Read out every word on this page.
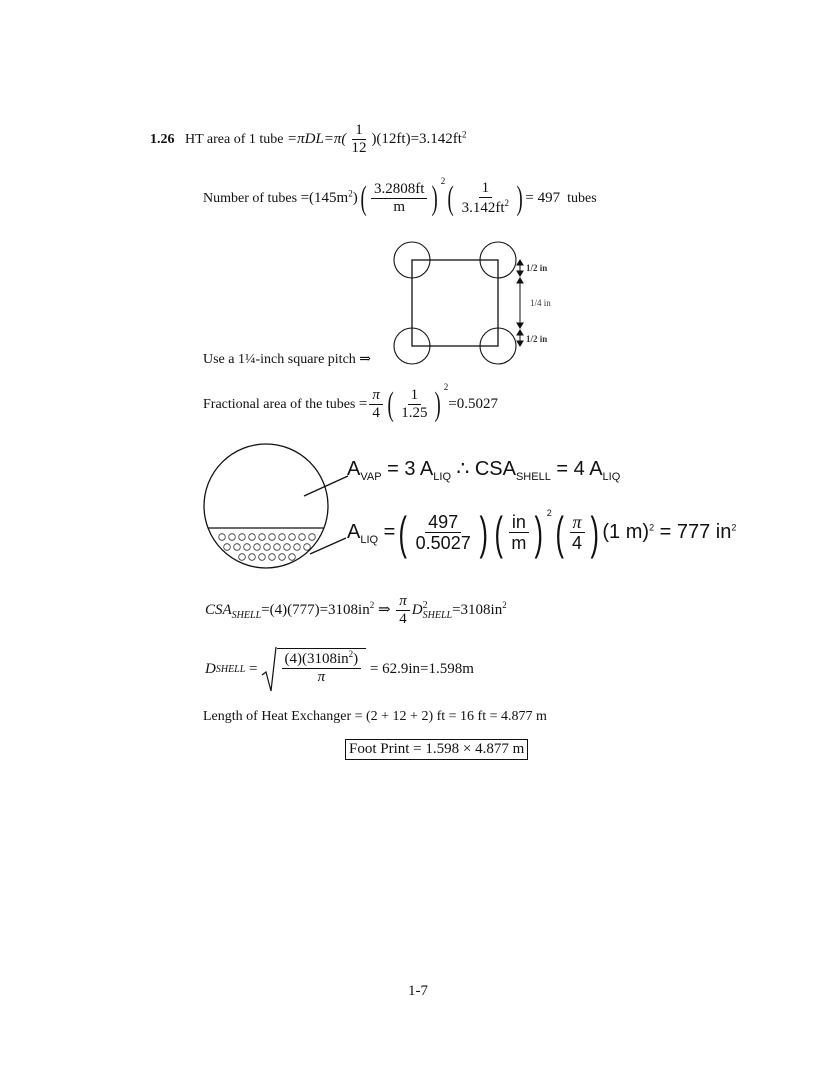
1.26 HT area of 1 tube $=\pi DL=\pi( \frac{1}{12} )(12ft)=3.142ft^2$
Number of tubes $=(145m^2)( \frac{3.2808ft}{m}$ ) $^2( \frac{1}{3.142ft^2}$ ) = 497 tubes
1/2 in
1/4 in
1/2 in
Use a 1¼-inch square pitch ⇒
Fractional area of the tubes = $\frac{\pi}{4}$ ( $\frac{1}{1.25}$ ) $^2$=0.5027
$A_{VAP} = 3$ $A_{LIQ}$ ∴ $CSA_{SHELL} = 4$ $A_{LIQ}$
$A_{LIQ}$ =( $\frac{497}{0.5027}$ ) ( $\frac{in}{m}$ ) $^2( \frac{\pi}{4}$ ) (1 m)$^2$ = 777 $in^2$
$CSA_{SHELL}=(4)(777)=3108in^2$ ⇒ $\frac{\pi}{4}$ D 2
SHELL $=3108in^2$
D SHELL
= $\frac{(4)(3108in^2)}{\pi}$
= 62.9in=1.598m
Length of Heat Exchanger = (2 + 12 + 2) ft = 16 ft = 4.877 m
Foot Print = 1.598 × 4.877 m
1-7
